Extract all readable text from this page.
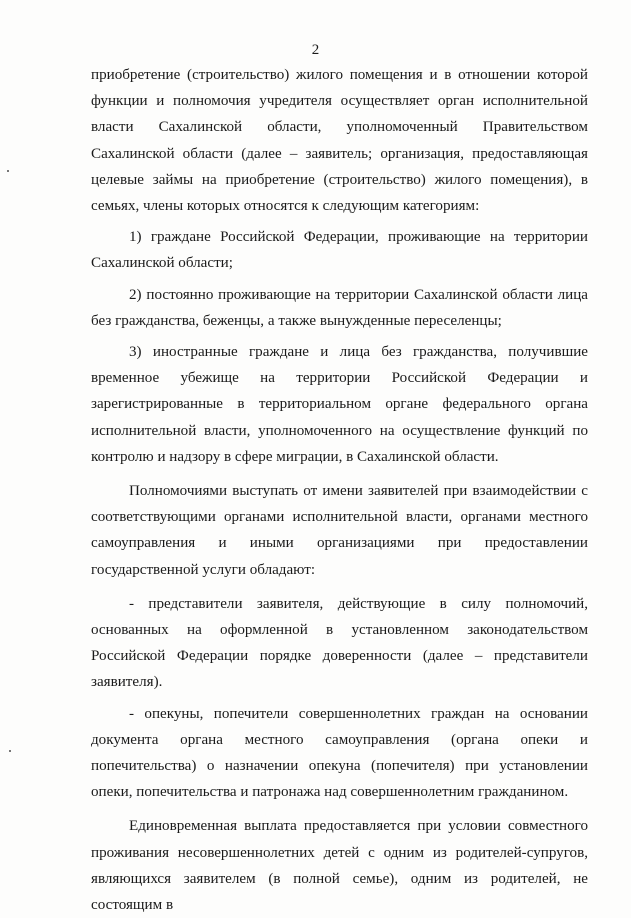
2

приобретение (строительство) жилого помещения и в отношении которой функции и полномочия учредителя осуществляет орган исполнительной власти Сахалинской области, уполномоченный Правительством Сахалинской области (далее – заявитель; организация, предоставляющая целевые займы на приобретение (строительство) жилого помещения), в семьях, члены которых относятся к следующим категориям:

1) граждане Российской Федерации, проживающие на территории Сахалинской области;

2) постоянно проживающие на территории Сахалинской области лица без гражданства, беженцы, а также вынужденные переселенцы;

3) иностранные граждане и лица без гражданства, получившие временное убежище на территории Российской Федерации и зарегистрированные в территориальном органе федерального органа исполнительной власти, уполномоченного на осуществление функций по контролю и надзору в сфере миграции, в Сахалинской области.

Полномочиями выступать от имени заявителей при взаимодействии с соответствующими органами исполнительной власти, органами местного самоуправления и иными организациями при предоставлении государственной услуги обладают:

- представители заявителя, действующие в силу полномочий, основанных на оформленной в установленном законодательством Российской Федерации порядке доверенности (далее – представители заявителя).

- опекуны, попечители совершеннолетних граждан на основании документа органа местного самоуправления (органа опеки и попечительства) о назначении опекуна (попечителя) при установлении опеки, попечительства и патронажа над совершеннолетним гражданином.

Единовременная выплата предоставляется при условии совместного проживания несовершеннолетних детей с одним из родителей-супругов, являющихся заявителем (в полной семье), одним из родителей, не состоящим в
